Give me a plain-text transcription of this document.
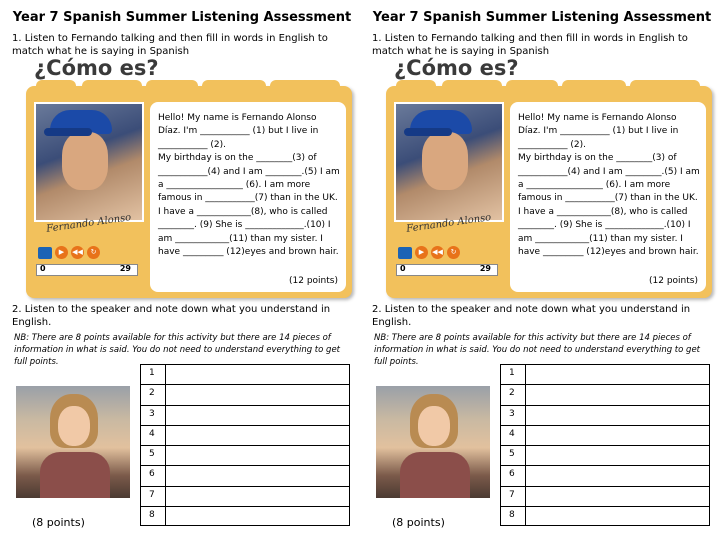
Year 7 Spanish Summer Listening Assessment
1. Listen to Fernando talking and then fill in words in English to match what he is saying in Spanish
¿Cómo es?
Fernando Alonso
▶	◀◀	↻
0	29
Hello! My name is Fernando Alonso Díaz. I'm ___________ (1) but I live in ___________ (2).
My birthday is on the ________(3) of ___________(4) and I am ________.(5) I am a _________________ (6). I am more famous in ___________(7) than in the UK. I have a ____________(8), who is called ________. (9) She is _____________.(10) I am ____________(11) than my sister. I have _________ (12)eyes and brown hair.
(12 points)
2. Listen to the speaker and note down what you understand in English.
NB: There are 8 points available for this activity but there are 14 pieces of information in what is said. You do not need to understand everything to get full points.
(8 points)
1
2
3
4
5
6
7
8
Year 7 Spanish Summer Listening Assessment
1. Listen to Fernando talking and then fill in words in English to match what he is saying in Spanish
¿Cómo es?
Fernando Alonso
▶	◀◀	↻
0	29
Hello! My name is Fernando Alonso Díaz. I'm ___________ (1) but I live in ___________ (2).
My birthday is on the ________(3) of ___________(4) and I am ________.(5) I am a _________________ (6). I am more famous in ___________(7) than in the UK. I have a ____________(8), who is called ________. (9) She is _____________.(10) I am ____________(11) than my sister. I have _________ (12)eyes and brown hair.
(12 points)
2. Listen to the speaker and note down what you understand in English.
NB: There are 8 points available for this activity but there are 14 pieces of information in what is said. You do not need to understand everything to get full points.
(8 points)
1
2
3
4
5
6
7
8
